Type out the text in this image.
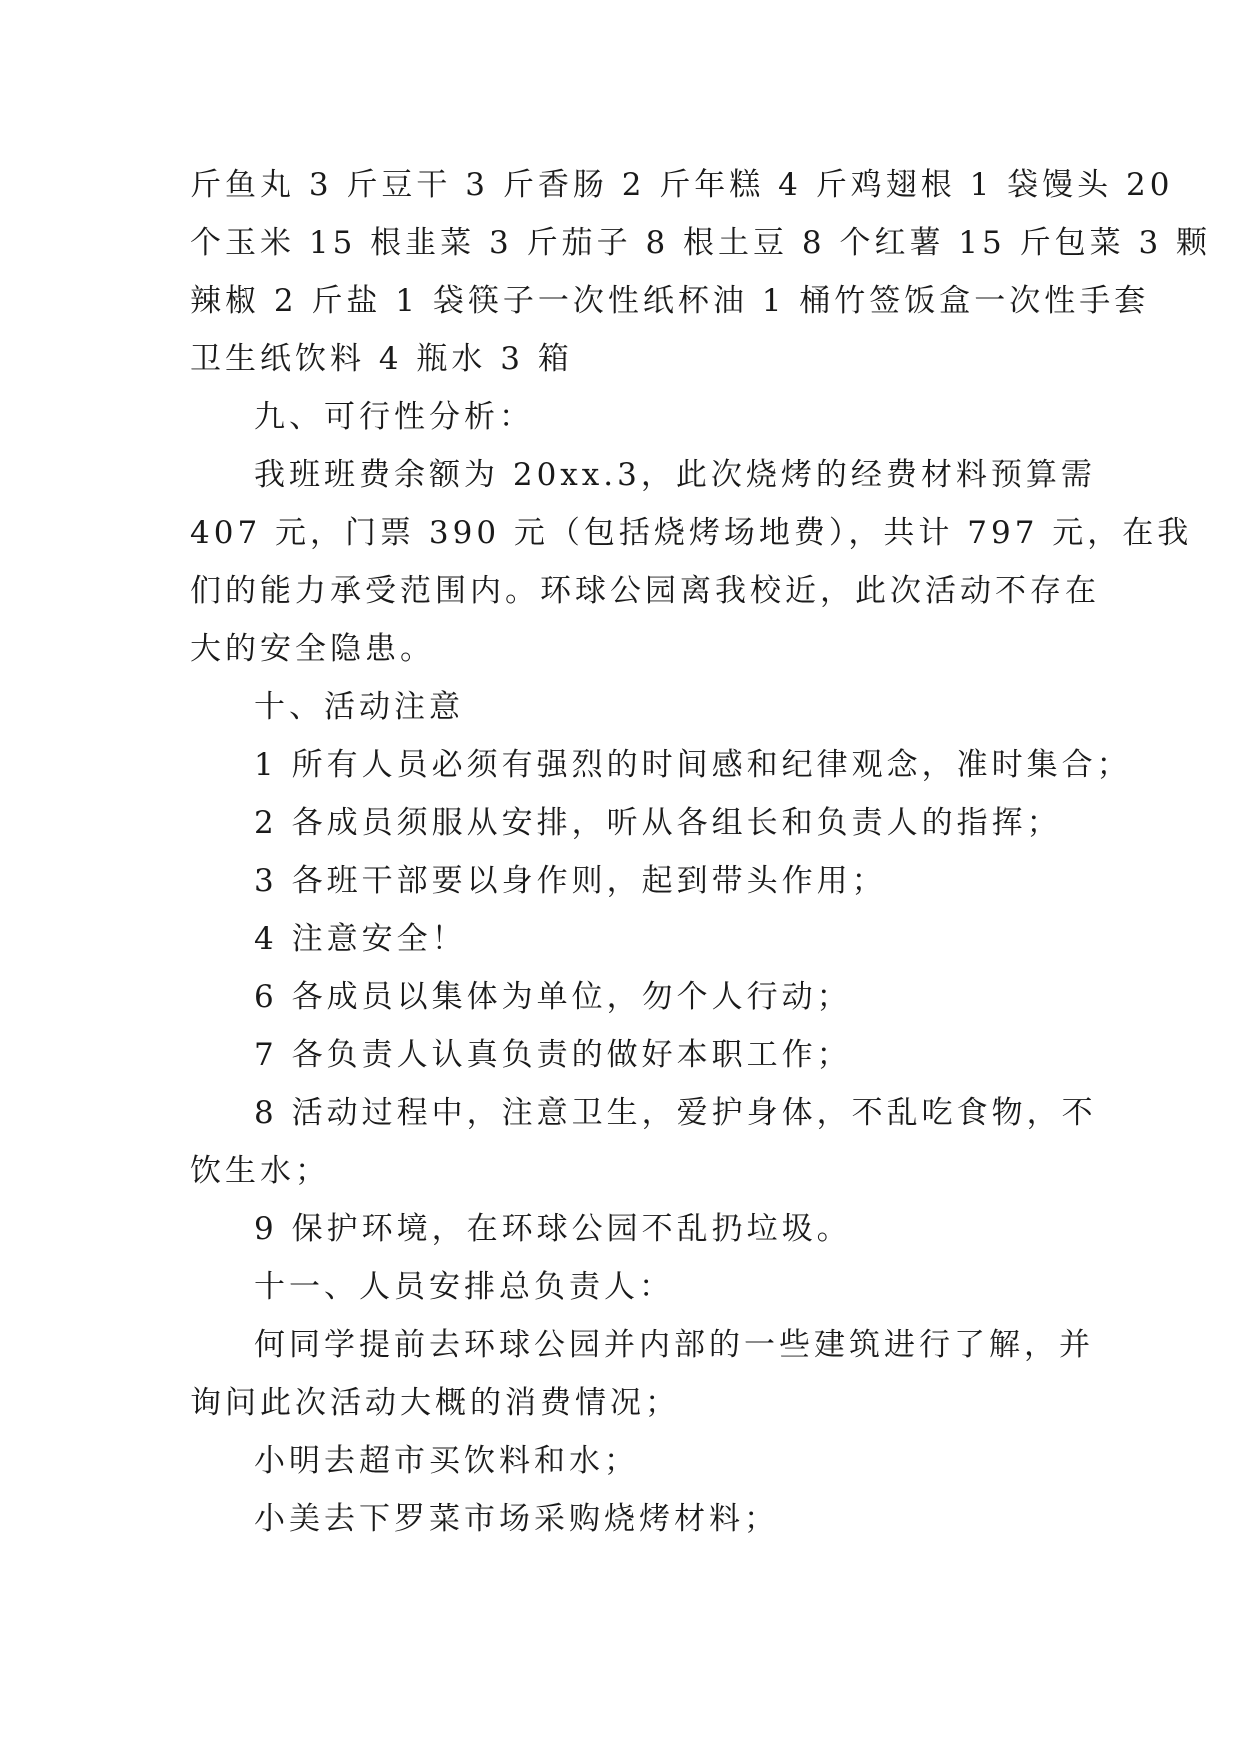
斤鱼丸 3 斤豆干 3 斤香肠 2 斤年糕 4 斤鸡翅根 1 袋馒头 20
个玉米 15 根韭菜 3 斤茄子 8 根土豆 8 个红薯 15 斤包菜 3 颗
辣椒 2 斤盐 1 袋筷子一次性纸杯油 1 桶竹签饭盒一次性手套
卫生纸饮料 4 瓶水 3 箱
九、可行性分析：
我班班费余额为 20xx.3，此次烧烤的经费材料预算需
407 元，门票 390 元（包括烧烤场地费），共计 797 元，在我
们的能力承受范围内。环球公园离我校近，此次活动不存在
大的安全隐患。
十、活动注意
1 所有人员必须有强烈的时间感和纪律观念，准时集合；
2 各成员须服从安排，听从各组长和负责人的指挥；
3 各班干部要以身作则，起到带头作用；
4 注意安全！
6 各成员以集体为单位，勿个人行动；
7 各负责人认真负责的做好本职工作；
8 活动过程中，注意卫生，爱护身体，不乱吃食物，不
饮生水；
9 保护环境，在环球公园不乱扔垃圾。
十一、人员安排总负责人：
何同学提前去环球公园并内部的一些建筑进行了解，并
询问此次活动大概的消费情况；
小明去超市买饮料和水；
小美去下罗菜市场采购烧烤材料；
